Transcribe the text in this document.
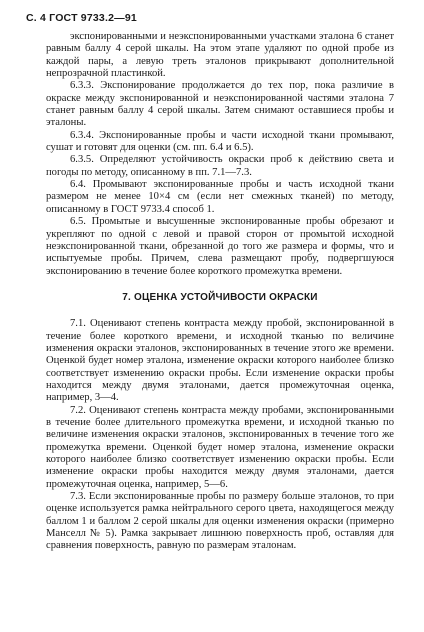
С. 4 ГОСТ 9733.2—91

экспонированными и неэкспонированными участками эталона 6 станет равным баллу 4 серой шкалы. На этом этапе удаляют по одной пробе из каждой пары, а левую треть эталонов прикрывают дополнительной непрозрачной пластинкой.

6.3.3. Экспонирование продолжается до тех пор, пока различие в окраске между экспонированной и неэкспонированной частями эталона 7 станет равным баллу 4 серой шкалы. Затем снимают оставшиеся пробы и эталоны.

6.3.4. Экспонированные пробы и части исходной ткани промывают, сушат и готовят для оценки (см. пп. 6.4 и 6.5).

6.3.5. Определяют устойчивость окраски проб к действию света и погоды по методу, описанному в пп. 7.1—7.3.

6.4. Промывают экспонированные пробы и часть исходной ткани размером не менее 10×4 см (если нет смежных тканей) по методу, описанному в ГОСТ 9733.4 способ 1.

6.5. Промытые и высушенные экспонированные пробы обрезают и укрепляют по одной с левой и правой сторон от промытой исходной неэкспонированной ткани, обрезанной до того же размера и формы, что и испытуемые пробы. Причем, слева размещают пробу, подвергшуюся экспонированию в течение более короткого промежутка времени.

7. ОЦЕНКА УСТОЙЧИВОСТИ ОКРАСКИ

7.1. Оценивают степень контраста между пробой, экспонированной в течение более короткого времени, и исходной тканью по величине изменения окраски эталонов, экспонированных в течение этого же времени. Оценкой будет номер эталона, изменение окраски которого наиболее близко соответствует изменению окраски пробы. Если изменение окраски пробы находится между двумя эталонами, дается промежуточная оценка, например, 3—4.

7.2. Оценивают степень контраста между пробами, экспонированными в течение более длительного промежутка времени, и исходной тканью по величине изменения окраски эталонов, экспонированных в течение того же промежутка времени. Оценкой будет номер эталона, изменение окраски которого наиболее близко соответствует изменению окраски пробы. Если изменение окраски пробы находится между двумя эталонами, дается промежуточная оценка, например, 5—6.

7.3. Если экспонированные пробы по размеру больше эталонов, то при оценке используется рамка нейтрального серого цвета, находящегося между баллом 1 и баллом 2 серой шкалы для оценки изменения окраски (примерно Манселл № 5). Рамка закрывает лишнюю поверхность проб, оставляя для сравнения поверхность, равную по размерам эталонам.
